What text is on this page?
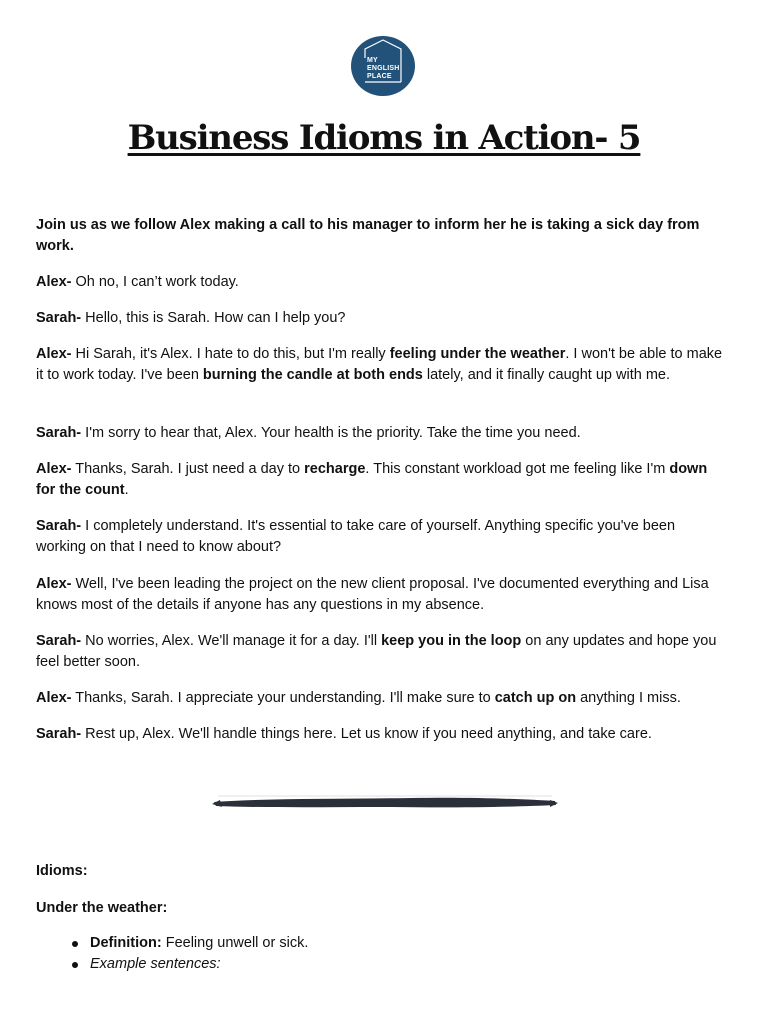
MY
ENGLISH
PLACE
Business Idioms in Action- 5

Join us as we follow Alex making a call to his manager to inform her he is taking a sick day from work.

Alex- Oh no, I can’t work today.

Sarah- Hello, this is Sarah. How can I help you?

Alex- Hi Sarah, it's Alex. I hate to do this, but I'm really feeling under the weather. I won't be able to make it to work today. I've been burning the candle at both ends lately, and it finally caught up with me.

Sarah- I'm sorry to hear that, Alex. Your health is the priority. Take the time you need.

Alex- Thanks, Sarah. I just need a day to recharge. This constant workload got me feeling like I'm down for the count.

Sarah- I completely understand. It's essential to take care of yourself. Anything specific you've been working on that I need to know about?

Alex- Well, I've been leading the project on the new client proposal. I've documented everything and Lisa knows most of the details if anyone has any questions in my absence.

Sarah- No worries, Alex. We'll manage it for a day. I'll keep you in the loop on any updates and hope you feel better soon.

Alex- Thanks, Sarah. I appreciate your understanding. I'll make sure to catch up on anything I miss.

Sarah- Rest up, Alex. We'll handle things here. Let us know if you need anything, and take care.

Idioms:

Under the weather:

Definition: Feeling unwell or sick.
Example sentences:
